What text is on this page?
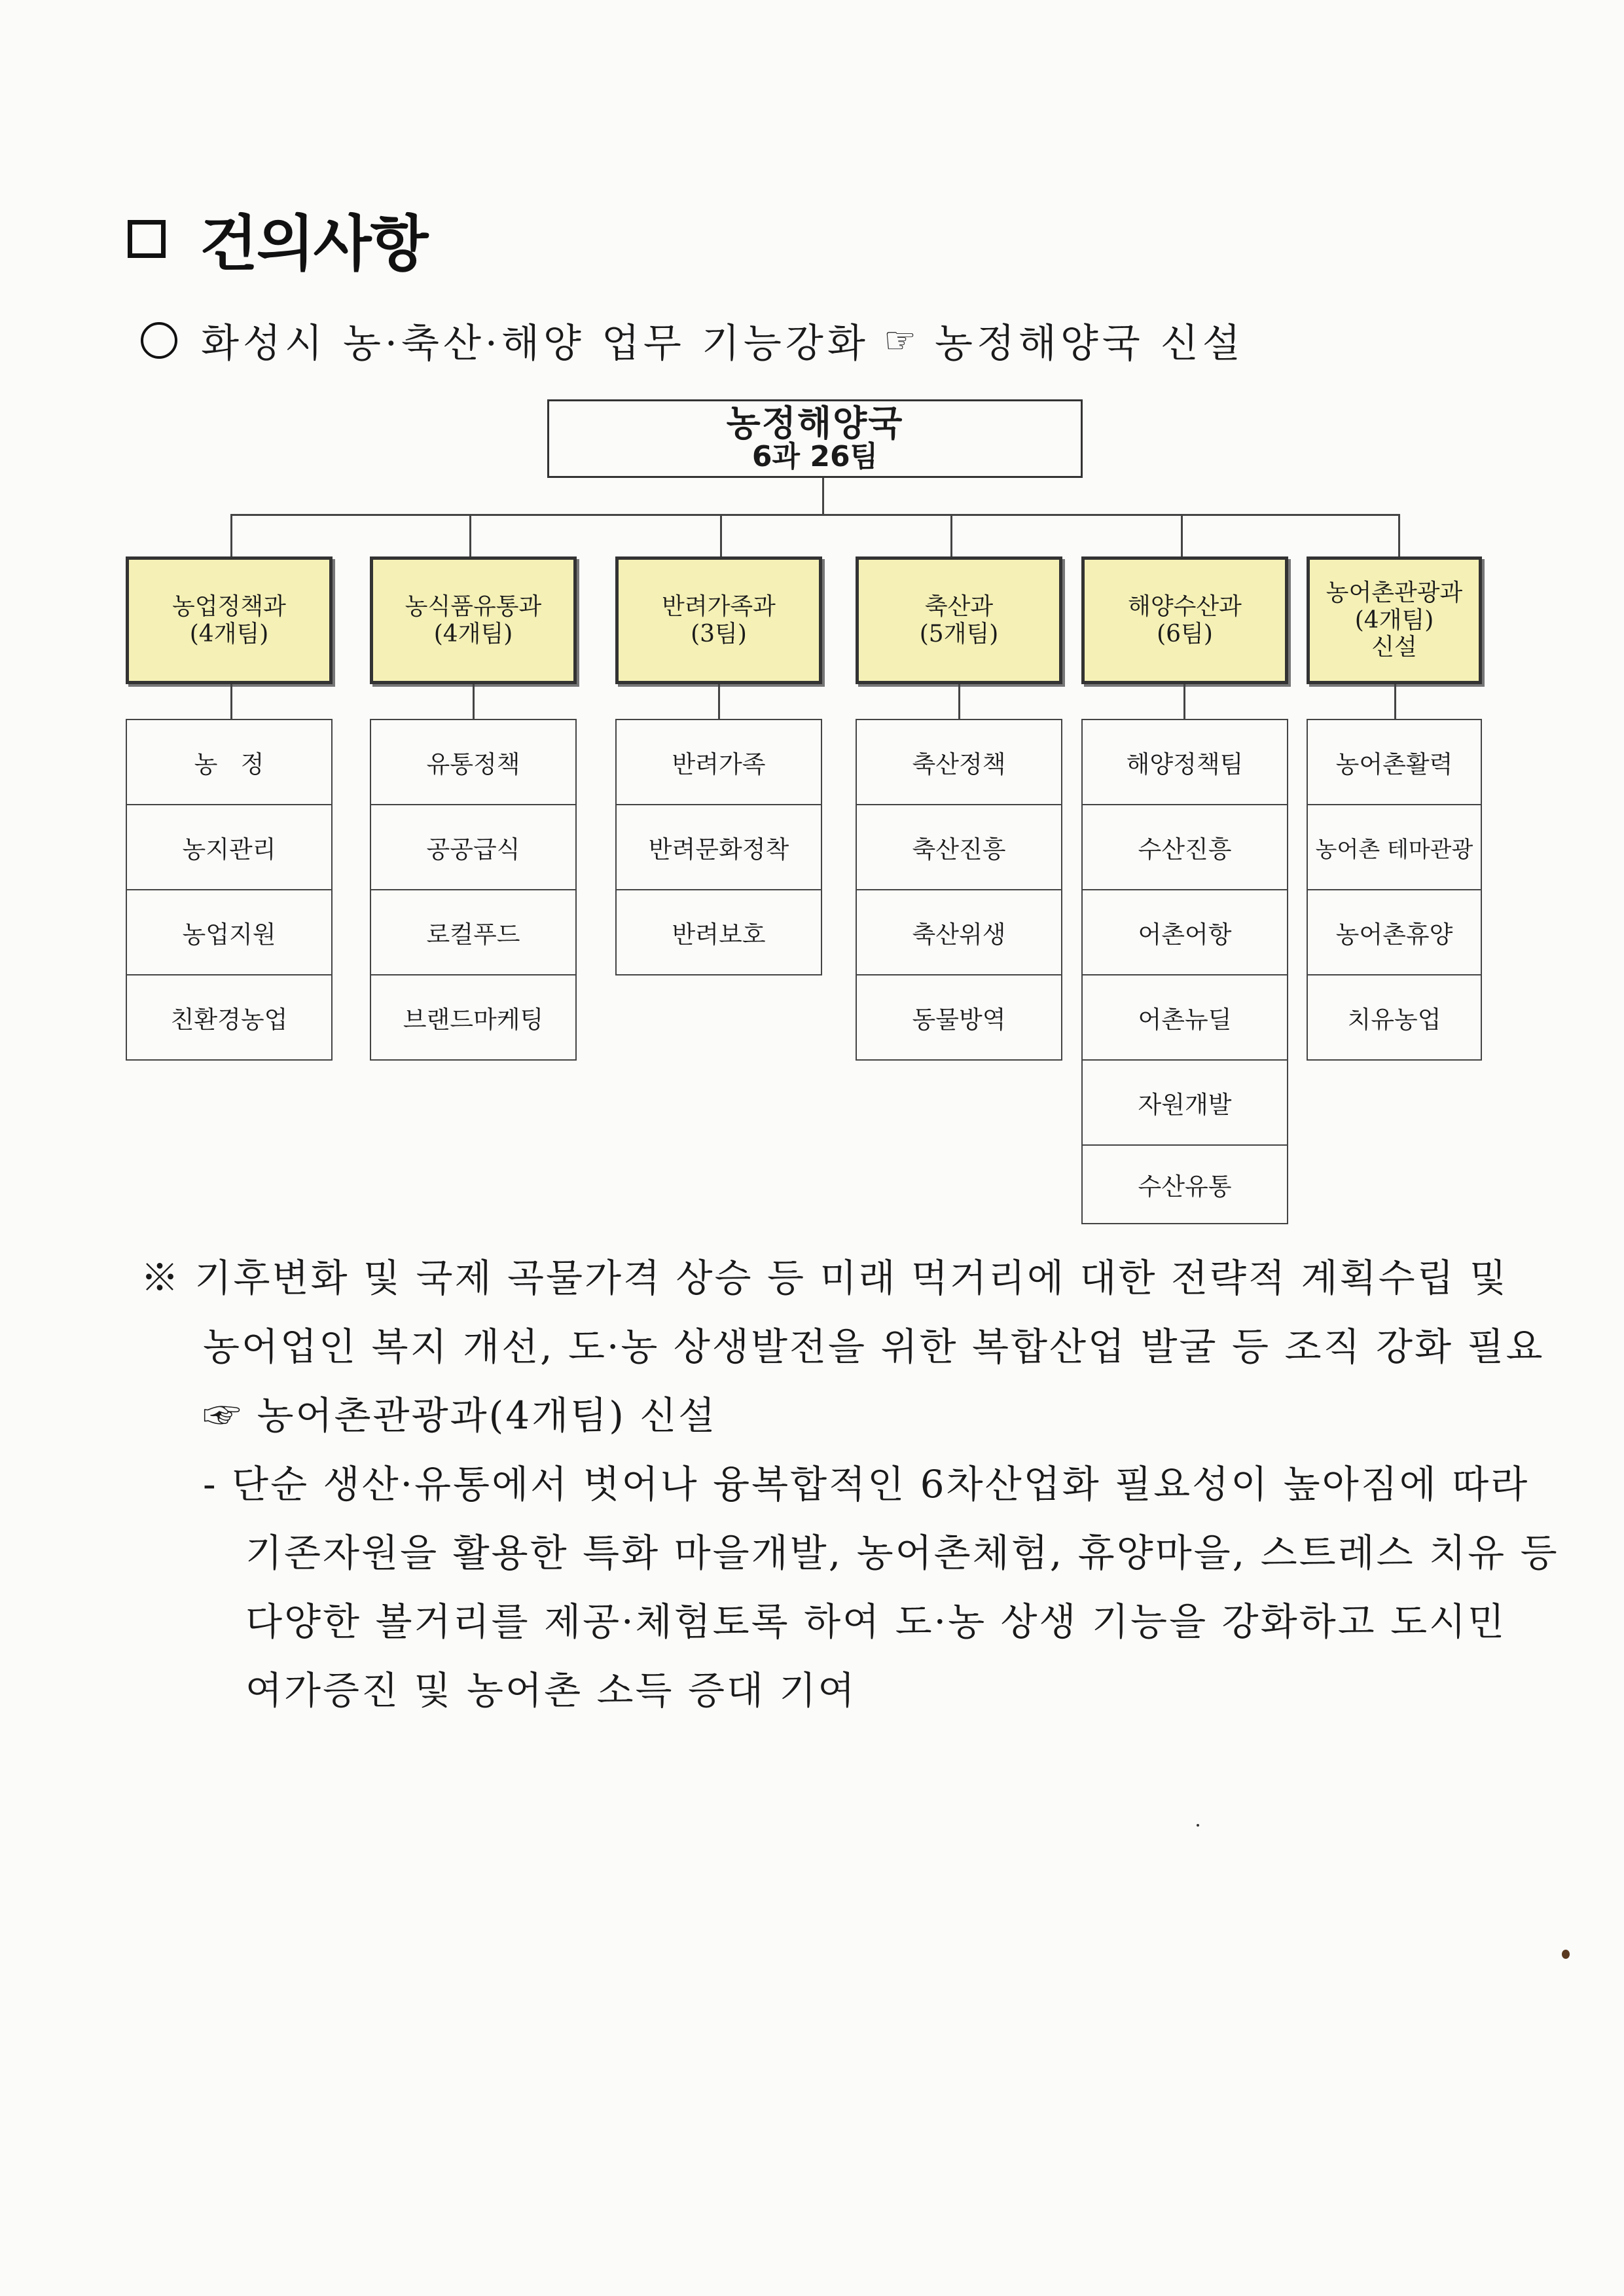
건의사항
화성시 농·축산·해양 업무 기능강화 ☞ 농정해양국 신설
농정해양국
6과 26팀
농업정책과
(4개팀)
농식품유통과
(4개팀)
반려가족과
(3팀)
축산과
(5개팀)
해양수산과
(6팀)
농어촌관광과
(4개팀)
신설
농   정
농지관리
농업지원
친환경농업
유통정책
공공급식
로컬푸드
브랜드마케팅
반려가족
반려문화정착
반려보호
축산정책
축산진흥
축산위생
동물방역
해양정책팀
수산진흥
어촌어항
어촌뉴딜
자원개발
수산유통
농어촌활력
농어촌 테마관광
농어촌휴양
치유농업

※ 기후변화 및 국제 곡물가격 상승 등 미래 먹거리에 대한 전략적 계획수립 및

농어업인 복지 개선, 도·농 상생발전을 위한 복합산업 발굴 등 조직 강화 필요

☞ 농어촌관광과(4개팀) 신설

- 단순 생산·유통에서 벗어나 융복합적인 6차산업화 필요성이 높아짐에 따라

기존자원을 활용한 특화 마을개발, 농어촌체험, 휴양마을, 스트레스 치유 등

다양한 볼거리를 제공·체험토록 하여 도·농 상생 기능을 강화하고 도시민

여가증진 및 농어촌 소득 증대 기여
